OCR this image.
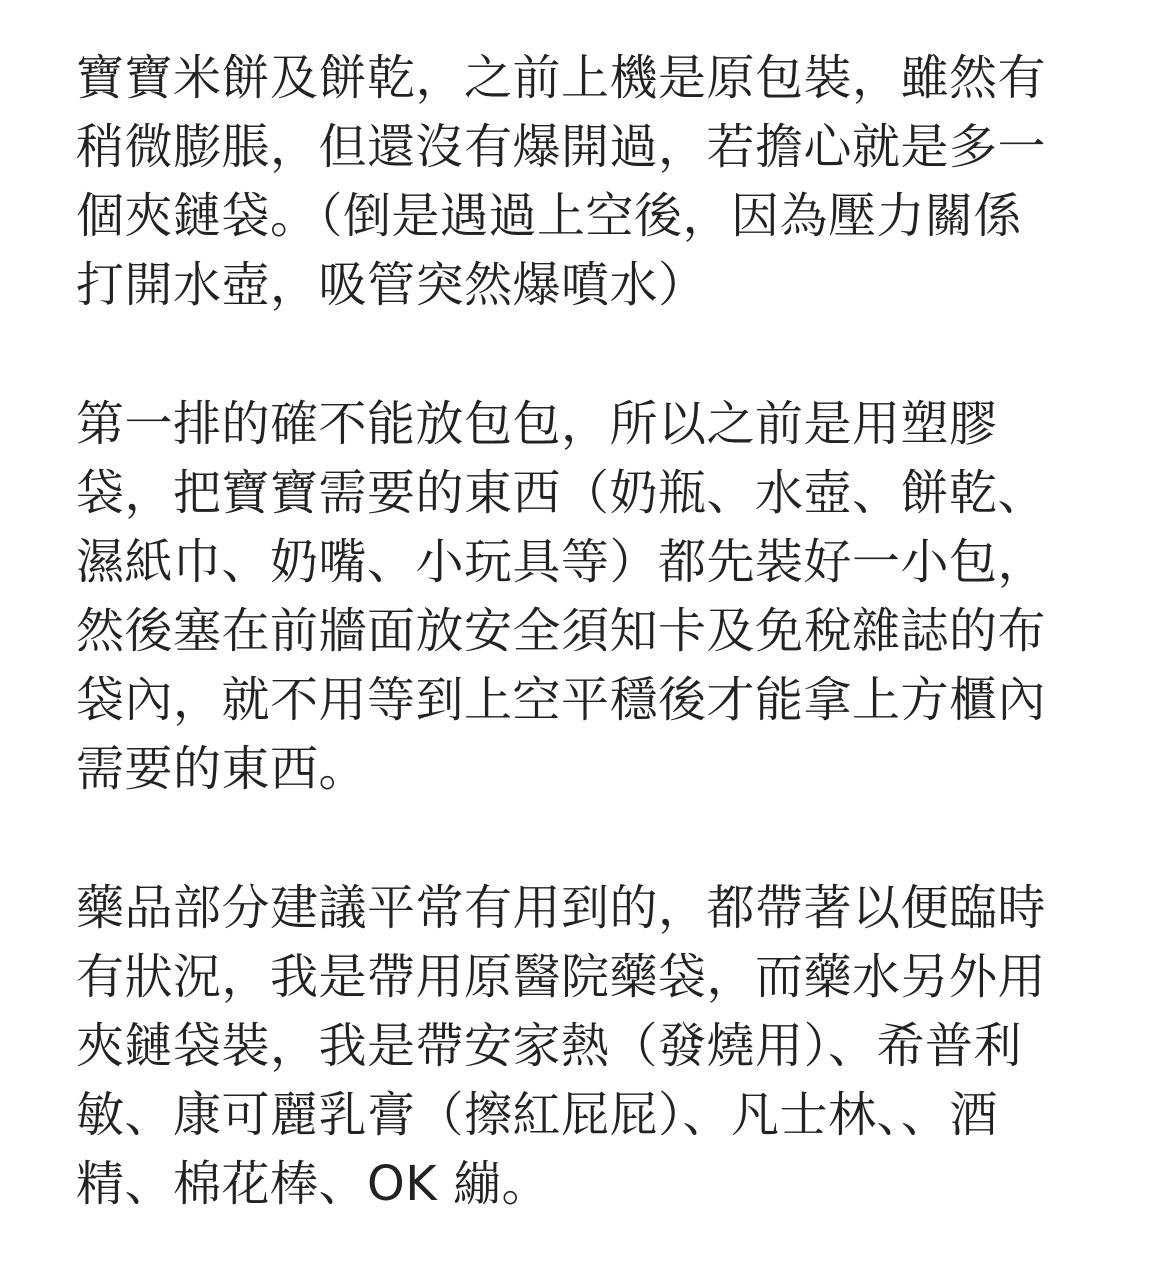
寶寶米餅及餅乾，之前上機是原包裝，雖然有
稍微膨脹，但還沒有爆開過，若擔心就是多一
個夾鏈袋。（倒是遇過上空後，因為壓力關係
打開水壺，吸管突然爆噴水）
第一排的確不能放包包，所以之前是用塑膠
袋，把寶寶需要的東西（奶瓶、水壺、餅乾、
濕紙巾、奶嘴、小玩具等）都先裝好一小包，
然後塞在前牆面放安全須知卡及免稅雜誌的布
袋內，就不用等到上空平穩後才能拿上方櫃內
需要的東西。
藥品部分建議平常有用到的，都帶著以便臨時
有狀況，我是帶用原醫院藥袋，而藥水另外用
夾鏈袋裝，我是帶安家熱（發燒用）、希普利
敏、康可麗乳膏（擦紅屁屁）、凡士林、、酒
精、棉花棒、OK 繃。
